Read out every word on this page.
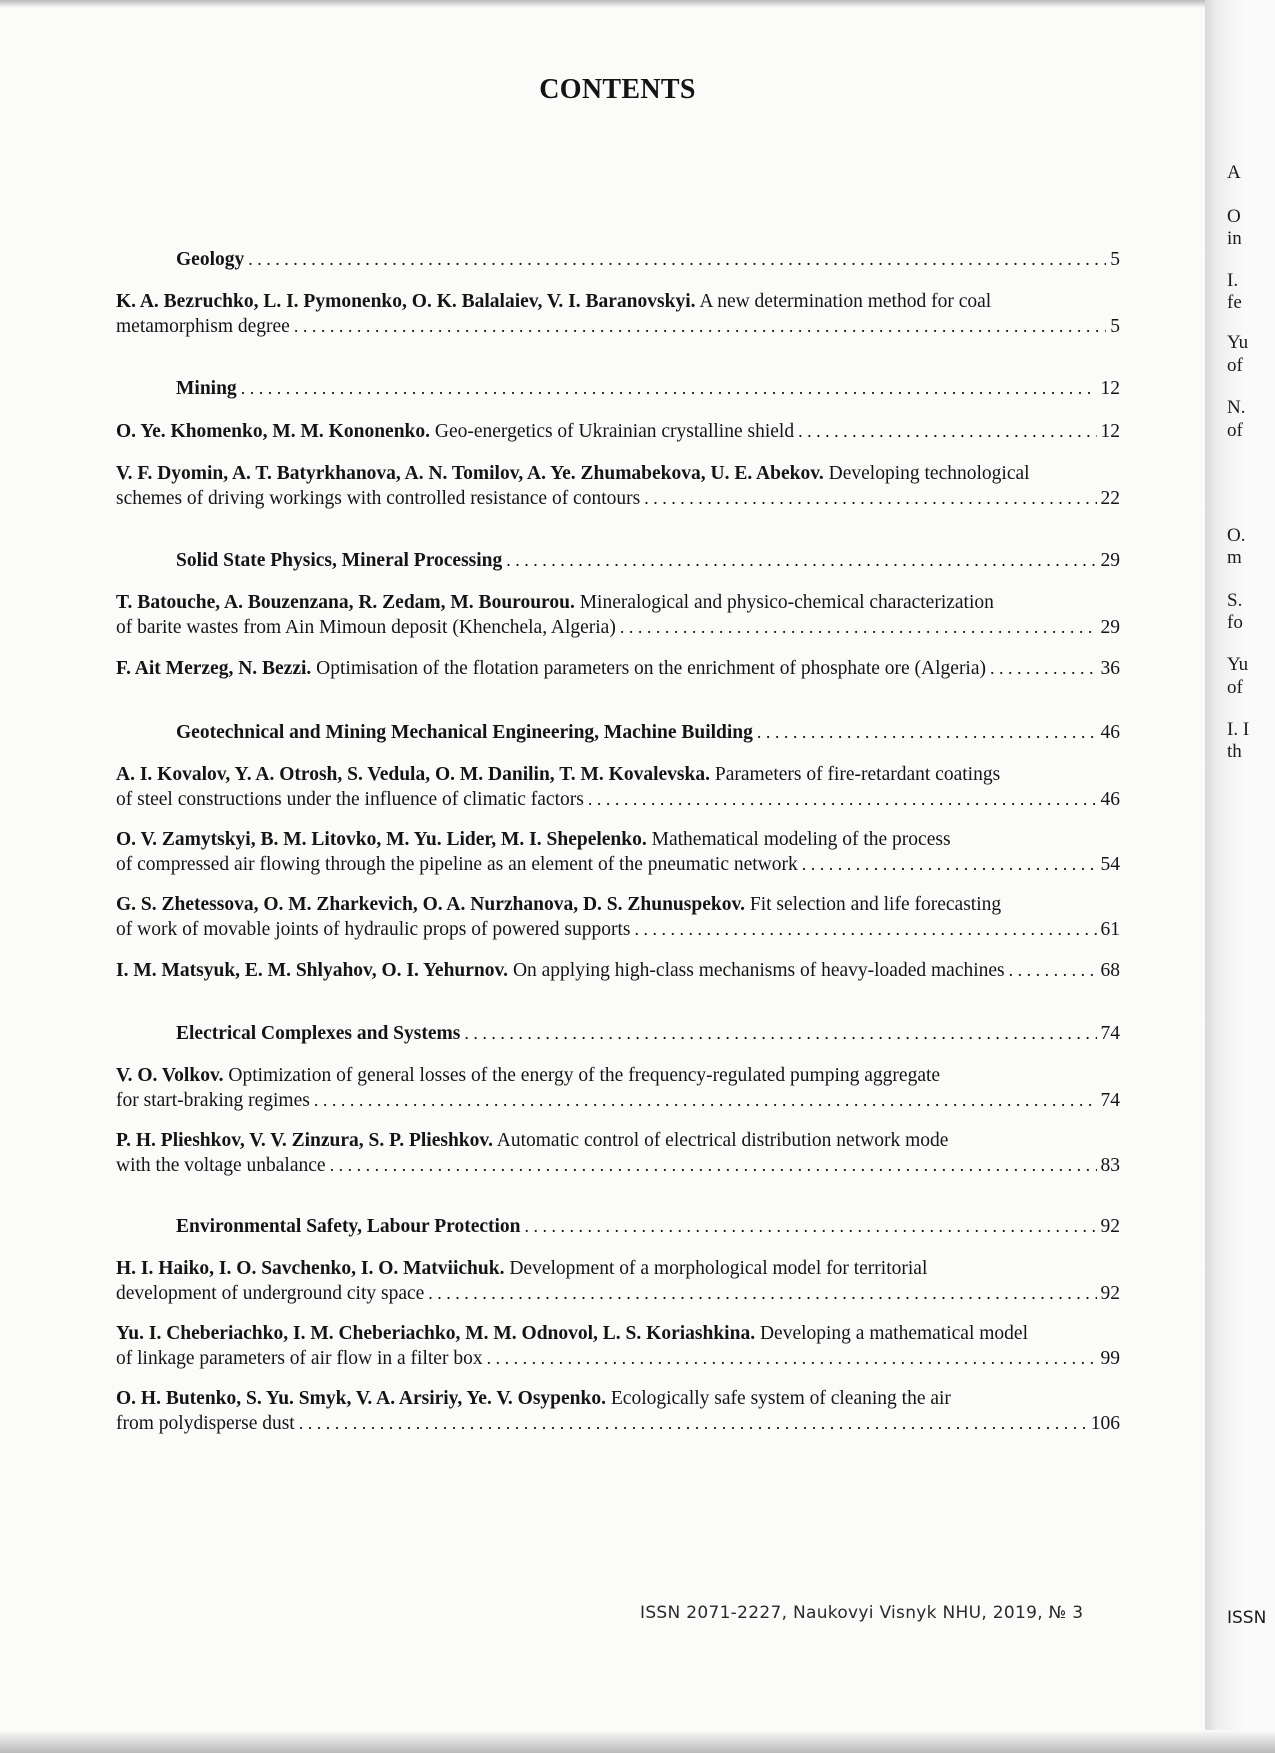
CONTENTS
Geology . . .	5
K. A. Bezruchko, L. I. Pymonenko, O. K. Balalaiev, V. I. Baranovskyi. A new determination method for coal
metamorphism degree . . .	5
Mining . . .	12
O. Ye. Khomenko, M. M. Kononenko. Geo-energetics of Ukrainian crystalline shield . . .	12
V. F. Dyomin, A. T. Batyrkhanova, A. N. Tomilov, A. Ye. Zhumabekova, U. E. Abekov. Developing technological
schemes of driving workings with controlled resistance of contours . . .	22
Solid State Physics, Mineral Processing . . .	29
T. Batouche, A. Bouzenzana, R. Zedam, M. Bourourou. Mineralogical and physico-chemical characterization
of barite wastes from Ain Mimoun deposit (Khenchela, Algeria) . . .	29
F. Ait Merzeg, N. Bezzi. Optimisation of the flotation parameters on the enrichment of phosphate ore (Algeria) . . .	36
Geotechnical and Mining Mechanical Engineering, Machine Building . . .	46
A. I. Kovalov, Y. A. Otrosh, S. Vedula, O. M. Danilin, T. M. Kovalevska. Parameters of fire-retardant coatings
of steel constructions under the influence of climatic factors . . .	46
O. V. Zamytskyi, B. M. Litovko, M. Yu. Lider, M. I. Shepelenko. Mathematical modeling of the process
of compressed air flowing through the pipeline as an element of the pneumatic network . . .	54
G. S. Zhetessova, O. M. Zharkevich, O. A. Nurzhanova, D. S. Zhunuspekov. Fit selection and life forecasting
of work of movable joints of hydraulic props of powered supports . . .	61
I. M. Matsyuk, E. M. Shlyahov, O. I. Yehurnov. On applying high-class mechanisms of heavy-loaded machines . . .	68
Electrical Complexes and Systems . . .	74
V. O. Volkov. Optimization of general losses of the energy of the frequency-regulated pumping aggregate
for start-braking regimes . . .	74
P. H. Plieshkov, V. V. Zinzura, S. P. Plieshkov. Automatic control of electrical distribution network mode
with the voltage unbalance . . .	83
Environmental Safety, Labour Protection . . .	92
H. I. Haiko, I. O. Savchenko, I. O. Matviichuk. Development of a morphological model for territorial
development of underground city space . . .	92
Yu. I. Cheberiachko, I. M. Cheberiachko, M. M. Odnovol, L. S. Koriashkina. Developing a mathematical model
of linkage parameters of air flow in a filter box . . .	99
O. H. Butenko, S. Yu. Smyk, V. A. Arsiriy, Ye. V. Osypenko. Ecologically safe system of cleaning the air
from polydisperse dust . . .	106
ISSN 2071-2227, Naukovyi Visnyk NHU, 2019, № 3
A
O
in
I.
fe
Yu
of
N.
of
O.
m
S.
fo
Yu
of
I. I
th
ISSN
